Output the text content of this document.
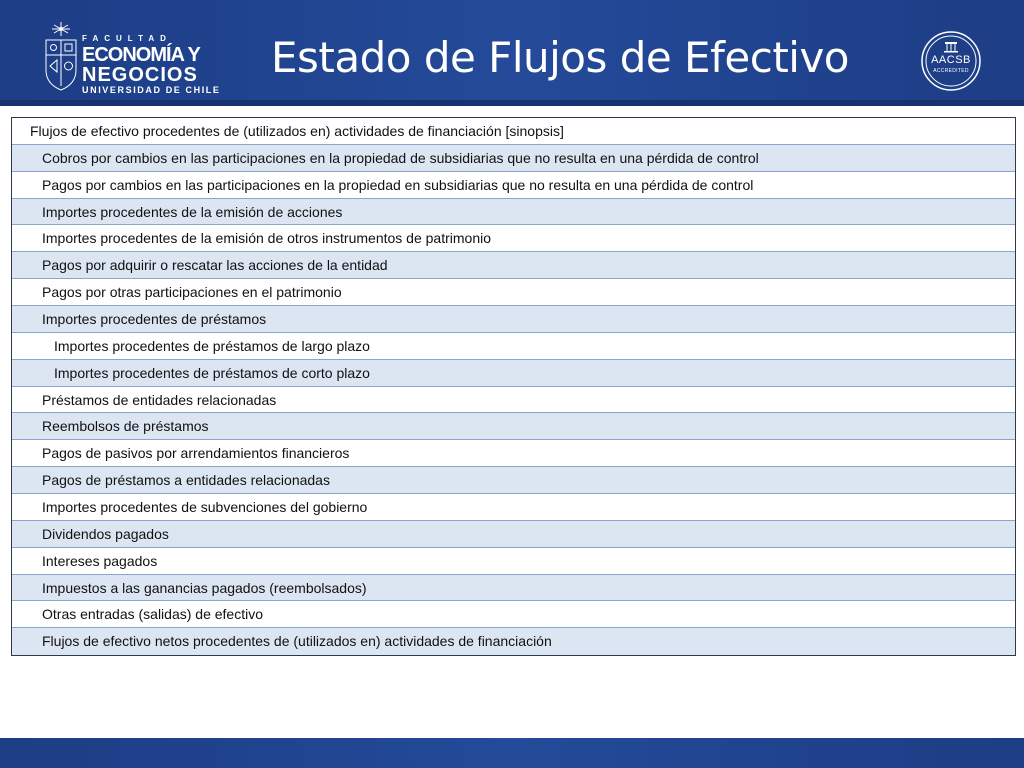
FACULTAD
ECONOMÍA Y
NEGOCIOS
UNIVERSIDAD DE CHILE
Estado de Flujos de Efectivo	AACSB
ACCREDITED
Flujos de efectivo procedentes de (utilizados en) actividades de financiación [sinopsis]
Cobros por cambios en las participaciones en la propiedad de subsidiarias que no resulta en una pérdida de control
Pagos por cambios en las participaciones en la propiedad en subsidiarias que no resulta en una pérdida de control
Importes procedentes de la emisión de acciones
Importes procedentes de la emisión de otros instrumentos de patrimonio
Pagos por adquirir o rescatar las acciones de la entidad
Pagos por otras participaciones en el patrimonio
Importes procedentes de préstamos
Importes procedentes de préstamos de largo plazo
Importes procedentes de préstamos de corto plazo
Préstamos de entidades relacionadas
Reembolsos de préstamos
Pagos de pasivos por arrendamientos financieros
Pagos de préstamos a entidades relacionadas
Importes procedentes de subvenciones del gobierno
Dividendos pagados
Intereses pagados
Impuestos a las ganancias pagados (reembolsados)
Otras entradas (salidas) de efectivo
Flujos de efectivo netos procedentes de (utilizados en) actividades de financiación
